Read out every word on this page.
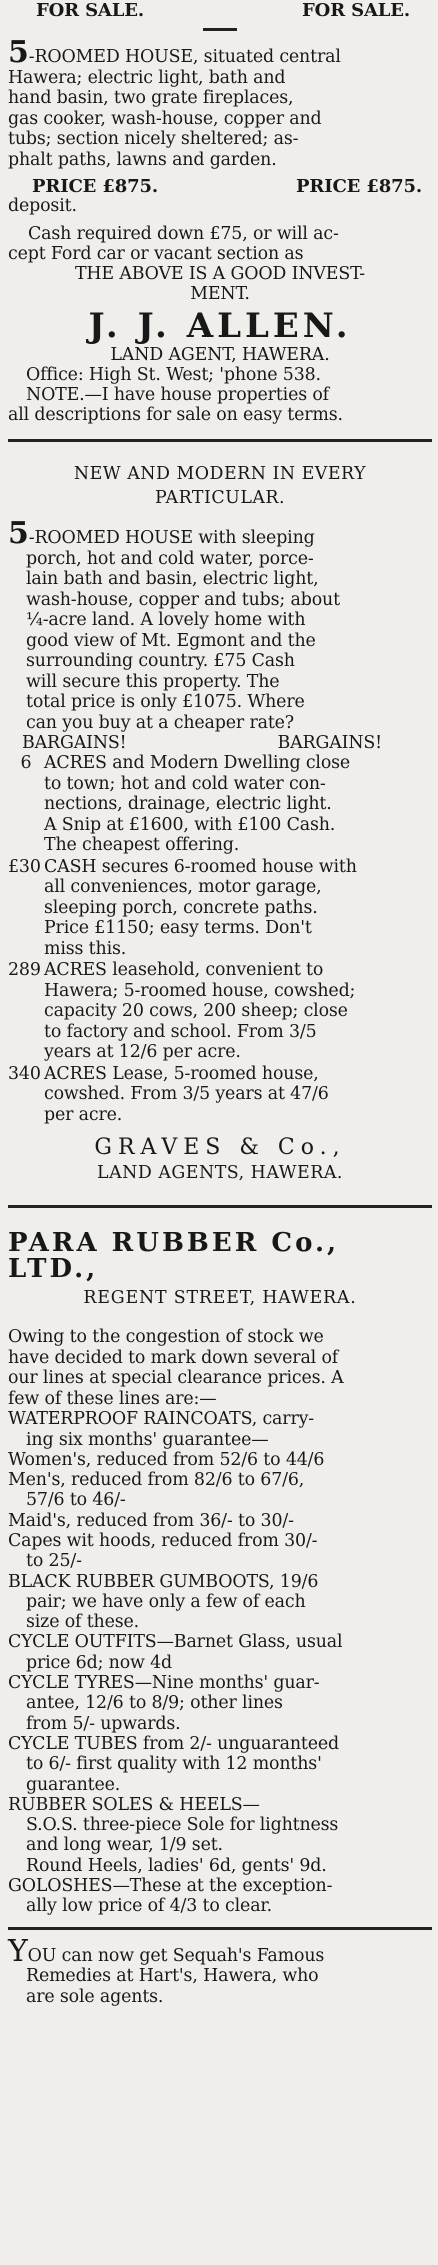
FOR SALE.	FOR SALE.
5-ROOMED HOUSE, situated central
Hawera; electric light, bath and
hand basin, two grate fireplaces,
gas cooker, wash-house, copper and
tubs; section nicely sheltered; as-
phalt paths, lawns and garden.
PRICE £875.	PRICE £875.
deposit.
Cash required down £75, or will ac-
cept Ford car or vacant section as
THE ABOVE IS A GOOD INVEST-
MENT.
J. J. ALLEN.
LAND AGENT, HAWERA.
Office: High St. West; 'phone 538.
NOTE.—I have house properties of
all descriptions for sale on easy terms.
NEW AND MODERN IN EVERY
PARTICULAR.
5-ROOMED HOUSE with sleeping
porch, hot and cold water, porce-
lain bath and basin, electric light,
wash-house, copper and tubs; about
¼-acre land. A lovely home with
good view of Mt. Egmont and the
surrounding country. £75 Cash
will secure this property. The
total price is only £1075. Where
can you buy at a cheaper rate?
BARGAINS!	BARGAINS!
6 ACRES and Modern Dwelling close
to town; hot and cold water con-
nections, drainage, electric light.
A Snip at £1600, with £100 Cash.
The cheapest offering.
£30 CASH secures 6-roomed house with
all conveniences, motor garage,
sleeping porch, concrete paths.
Price £1150; easy terms. Don't
miss this.
289 ACRES leasehold, convenient to
Hawera; 5-roomed house, cowshed;
capacity 20 cows, 200 sheep; close
to factory and school. From 3/5
years at 12/6 per acre.
340 ACRES Lease, 5-roomed house,
cowshed. From 3/5 years at 47/6
per acre.
GRAVES & Co.,
LAND AGENTS, HAWERA.
PARA RUBBER Co., LTD.,
REGENT STREET, HAWERA.
Owing to the congestion of stock we
have decided to mark down several of
our lines at special clearance prices. A
few of these lines are:—
WATERPROOF RAINCOATS, carry-
ing six months' guarantee—
Women's, reduced from 52/6 to 44/6
Men's, reduced from 82/6 to 67/6,
57/6 to 46/-
Maid's, reduced from 36/- to 30/-
Capes wit hoods, reduced from 30/-
to 25/-
BLACK RUBBER GUMBOOTS, 19/6
pair; we have only a few of each
size of these.
CYCLE OUTFITS—Barnet Glass, usual
price 6d; now 4d
CYCLE TYRES—Nine months' guar-
antee, 12/6 to 8/9; other lines
from 5/- upwards.
CYCLE TUBES from 2/- unguaranteed
to 6/- first quality with 12 months'
guarantee.
RUBBER SOLES & HEELS—
S.O.S. three-piece Sole for lightness
and long wear, 1/9 set.
Round Heels, ladies' 6d, gents' 9d.
GOLOSHES—These at the exception-
ally low price of 4/3 to clear.
YOU can now get Sequah's Famous
Remedies at Hart's, Hawera, who
are sole agents.
